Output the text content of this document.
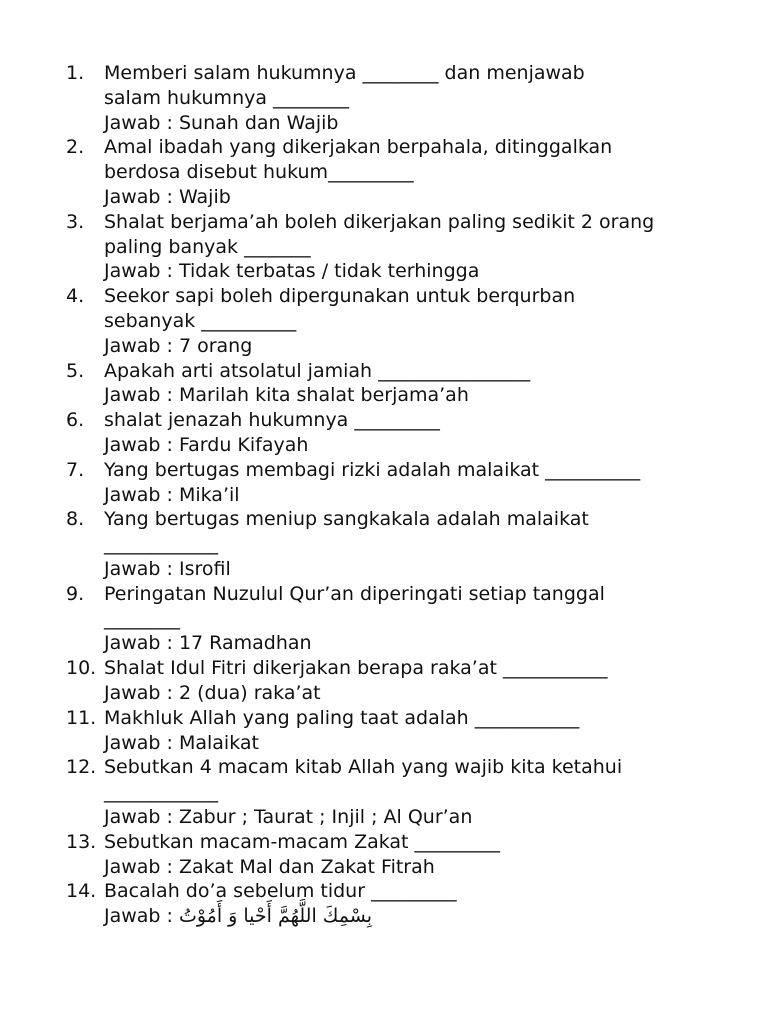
1.	Memberi salam hukumnya ________ dan menjawab
salam hukumnya ________
Jawab : Sunah dan Wajib
2.	Amal ibadah yang dikerjakan berpahala, ditinggalkan
berdosa disebut hukum_________
Jawab : Wajib
3.	Shalat berjama’ah boleh dikerjakan paling sedikit 2 orang
paling banyak _______
Jawab : Tidak terbatas / tidak terhingga
4.	Seekor sapi boleh dipergunakan untuk berqurban
sebanyak __________
Jawab : 7 orang
5.	Apakah arti atsolatul jamiah ________________
Jawab : Marilah kita shalat berjama’ah
6.	shalat jenazah hukumnya _________
Jawab : Fardu Kifayah
7.	Yang bertugas membagi rizki adalah malaikat __________
Jawab : Mika’il
8.	Yang bertugas meniup sangkakala adalah malaikat
____________
Jawab : Isrofil
9.	Peringatan Nuzulul Qur’an diperingati setiap tanggal
________
Jawab : 17 Ramadhan
10. Shalat Idul Fitri dikerjakan berapa raka’at ___________
Jawab : 2 (dua) raka’at
11. Makhluk Allah yang paling taat adalah ___________
Jawab : Malaikat
12. Sebutkan 4 macam kitab Allah yang wajib kita ketahui
____________
Jawab : Zabur ; Taurat ; Injil ; Al Qur’an
13. Sebutkan macam-macam Zakat _________
Jawab : Zakat Mal dan Zakat Fitrah
14. Bacalah do’a sebelum tidur _________
Jawab : بِسْمِكَ اللَّهُمَّ أَحْيا وَ أَمُوْتُ
